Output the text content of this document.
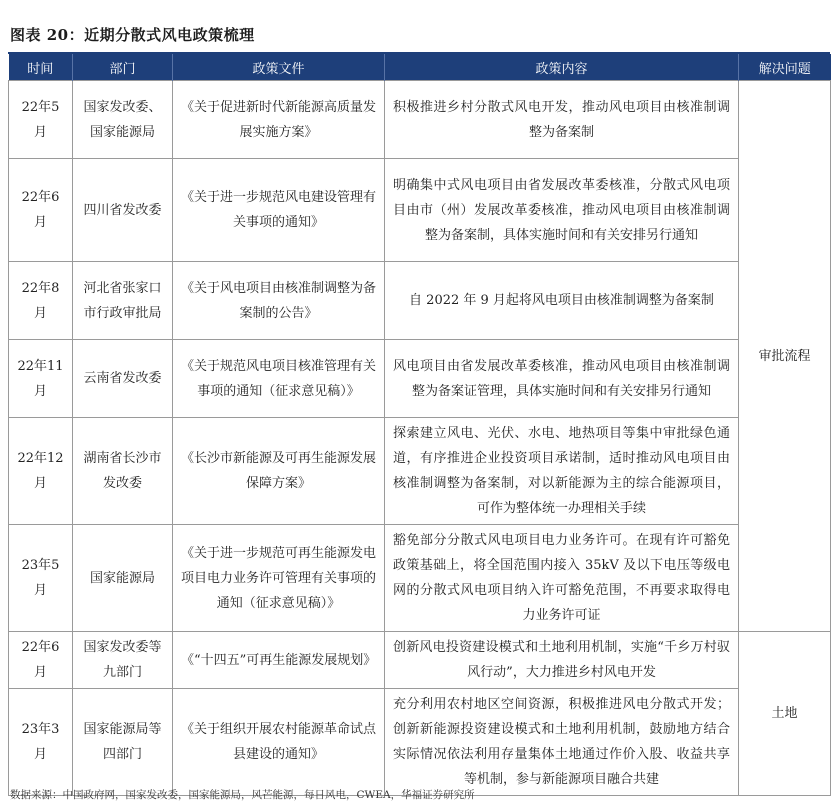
图表 20：近期分散式风电政策梳理
时间	部门	政策文件	政策内容	解决问题
22年5月	国家发改委、国家能源局	《关于促进新时代新能源高质量发展实施方案》	积极推进乡村分散式风电开发，推动风电项目由核准制调整为备案制	审批流程
22年6月	四川省发改委	《关于进一步规范风电建设管理有关事项的通知》	明确集中式风电项目由省发展改革委核准，分散式风电项目由市（州）发展改革委核准，推动风电项目由核准制调整为备案制，具体实施时间和有关安排另行通知	
22年8月	河北省张家口市行政审批局	《关于风电项目由核准制调整为备案制的公告》	自 2022 年 9 月起将风电项目由核准制调整为备案制	
22年11月	云南省发改委	《关于规范风电项目核准管理有关事项的通知（征求意见稿）》	风电项目由省发展改革委核准，推动风电项目由核准制调整为备案证管理，具体实施时间和有关安排另行通知	
22年12月	湖南省长沙市发改委	《长沙市新能源及可再生能源发展保障方案》	探索建立风电、光伏、水电、地热项目等集中审批绿色通道，有序推进企业投资项目承诺制，适时推动风电项目由核准制调整为备案制，对以新能源为主的综合能源项目，可作为整体统一办理相关手续	
23年5月	国家能源局	《关于进一步规范可再生能源发电项目电力业务许可管理有关事项的通知（征求意见稿）》	豁免部分分散式风电项目电力业务许可。在现有许可豁免政策基础上，将全国范围内接入 35kV 及以下电压等级电网的分散式风电项目纳入许可豁免范围，不再要求取得电力业务许可证	
22年6月	国家发改委等九部门	《“十四五”可再生能源发展规划》	创新风电投资建设模式和土地利用机制，实施“千乡万村驭风行动”，大力推进乡村风电开发	土地
23年3月	国家能源局等四部门	《关于组织开展农村能源革命试点县建设的通知》	充分利用农村地区空间资源，积极推进风电分散式开发；创新新能源投资建设模式和土地利用机制，鼓励地方结合实际情况依法利用存量集体土地通过作价入股、收益共享等机制，参与新能源项目融合共建	
数据来源：中国政府网，国家发改委，国家能源局，风芒能源，每日风电，CWEA，华福证券研究所
